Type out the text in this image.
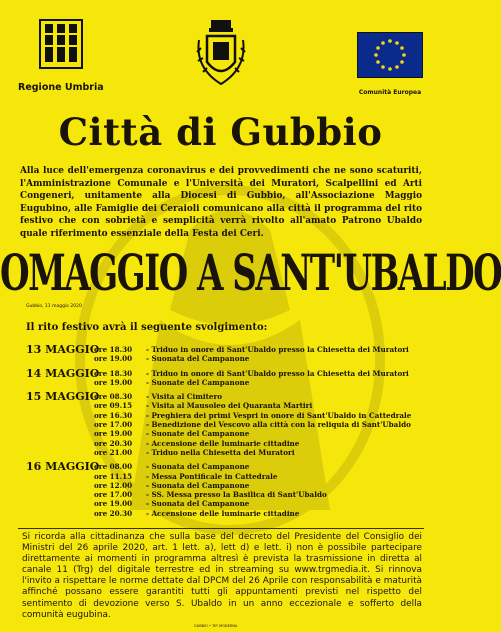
Regione Umbria	Comunità Europea
Città di Gubbio
Alla luce dell'emergenza coronavirus e dei provvedimenti che ne sono scaturiti, l'Amministrazione Comunale e l'Università dei Muratori, Scalpellini ed Arti Congeneri, unitamente alla Diocesi di Gubbio, all'Associazione Maggio Eugubino, alle Famiglie dei Ceraioli comunicano alla città il programma del rito festivo che con sobrietà e semplicità verrà rivolto all'amato Patrono Ubaldo quale riferimento essenziale della Festa dei Ceri.
OMAGGIO A SANT'UBALDO
Gubbio, 11 maggio 2020
Il rito festivo avrà il seguente svolgimento:
13 MAGGIO
ore 18.30 - Triduo in onore di Sant'Ubaldo presso la Chiesetta dei Muratori
ore 19.00 - Suonata del Campanone
14 MAGGIO
ore 18.30 - Triduo in onore di Sant'Ubaldo presso la Chiesetta dei Muratori
ore 19.00 - Suonate del Campanone
15 MAGGIO
ore 08.30 - Visita al Cimitero
ore 09.15 - Visita al Mausoleo dei Quaranta Martiri
ore 16.30 - Preghiera dei primi Vespri in onore di Sant'Ubaldo in Cattedrale
ore 17.00 - Benedizione del Vescovo alla città con la reliquia di Sant'Ubaldo
ore 19.00 - Suonate del Campanone
ore 20.30 - Accensione delle luminarie cittadine
ore 21.00 - Triduo nella Chiesetta dei Muratori
16 MAGGIO
ore 08.00 - Suonata del Campanone
ore 11.15 - Messa Pontificale in Cattedrale
ore 12.00 - Suonata del Campanone
ore 17.00 - SS. Messa presso la Basilica di Sant'Ubaldo
ore 19.00 - Suonata del Campanone
ore 20.30 - Accensione delle luminarie cittadine
Si ricorda alla cittadinanza che sulla base del decreto del Presidente del Consiglio dei Ministri del 26 aprile 2020, art. 1 lett. a), lett d) e lett. i) non è possibile partecipare direttamente ai momenti in programma altresì è prevista la trasmissione in diretta al canale 11 (Trg) del digitale terrestre ed in streaming su www.trgmedia.it. Si rinnova l'invito a rispettare le norme dettate dal DPCM del 26 Aprile con responsabilità e maturità affinché possano essere garantiti tutti gli appuntamenti previsti nel rispetto del sentimento di devozione verso S. Ubaldo in un anno eccezionale e sofferto della comunità eugubina.
GUBBIO • TIP. MODERNA
